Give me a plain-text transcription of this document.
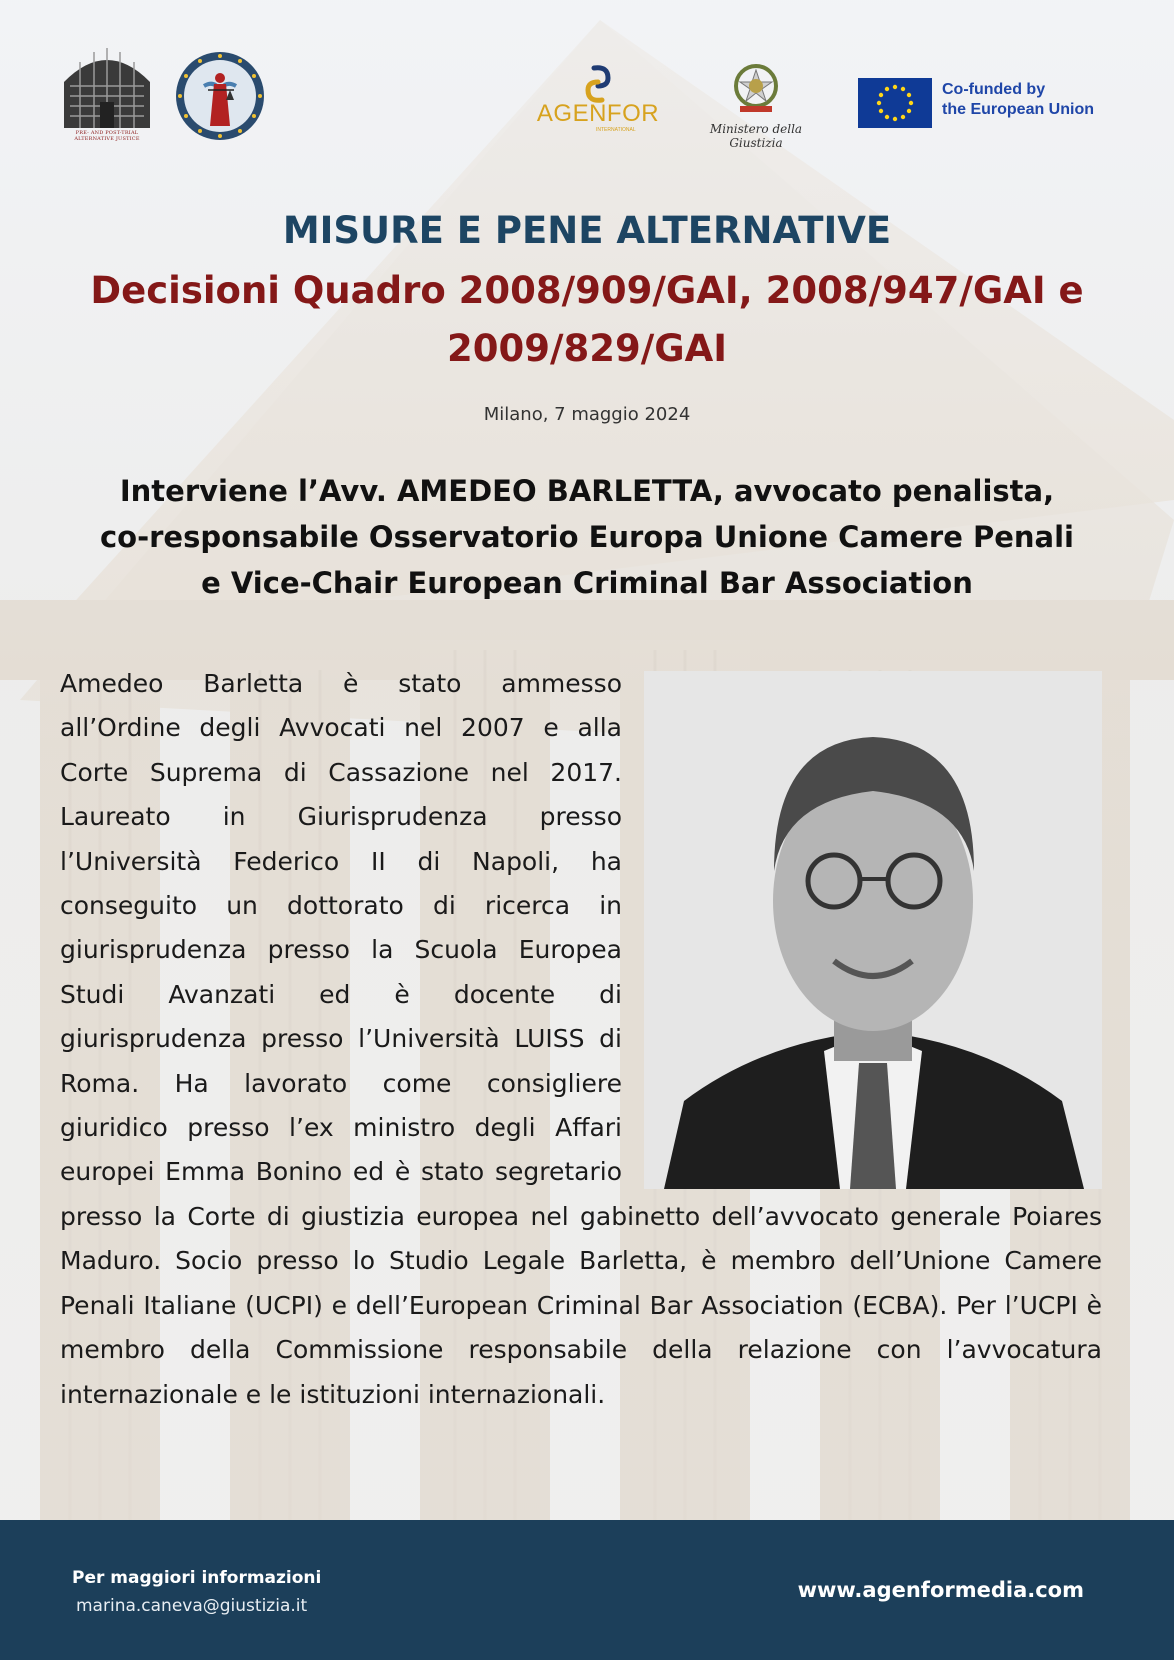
PRE- AND POST-TRIAL
ALTERNATIVE JUSTICE
AGENFOR
INTERNATIONAL	Ministero della Giustizia
Co-funded by
the European Union
MISURE E PENE ALTERNATIVE
Decisioni Quadro 2008/909/GAI, 2008/947/GAI e
2009/829/GAI
Milano, 7 maggio 2024
Interviene l’Avv. AMEDEO BARLETTA, avvocato penalista,
co-responsabile Osservatorio Europa Unione Camere Penali
e Vice-Chair European Criminal Bar Association

Amedeo Barletta è stato ammesso all’Ordine degli Avvocati nel 2007 e alla Corte Suprema di Cassazione nel 2017. Laureato in Giurisprudenza presso l’Università Federico II di Napoli, ha conseguito un dottorato di ricerca in giurisprudenza presso la Scuola Europea Studi Avanzati ed è docente di giurisprudenza presso l’Università LUISS di Roma. Ha lavorato come consigliere giuridico presso l’ex ministro degli Affari europei Emma Bonino ed è stato segretario presso la Corte di giustizia europea nel gabinetto dell’avvocato generale Poiares Maduro. Socio presso lo Studio Legale Barletta, è membro dell’Unione Camere Penali Italiane (UCPI) e dell’European Criminal Bar Association (ECBA). Per l’UCPI è membro della Commissione responsabile della relazione con l’avvocatura internazionale e le istituzioni internazionali.

Per maggiori informazioni
marina.caneva@giustizia.it
www.agenformedia.com
